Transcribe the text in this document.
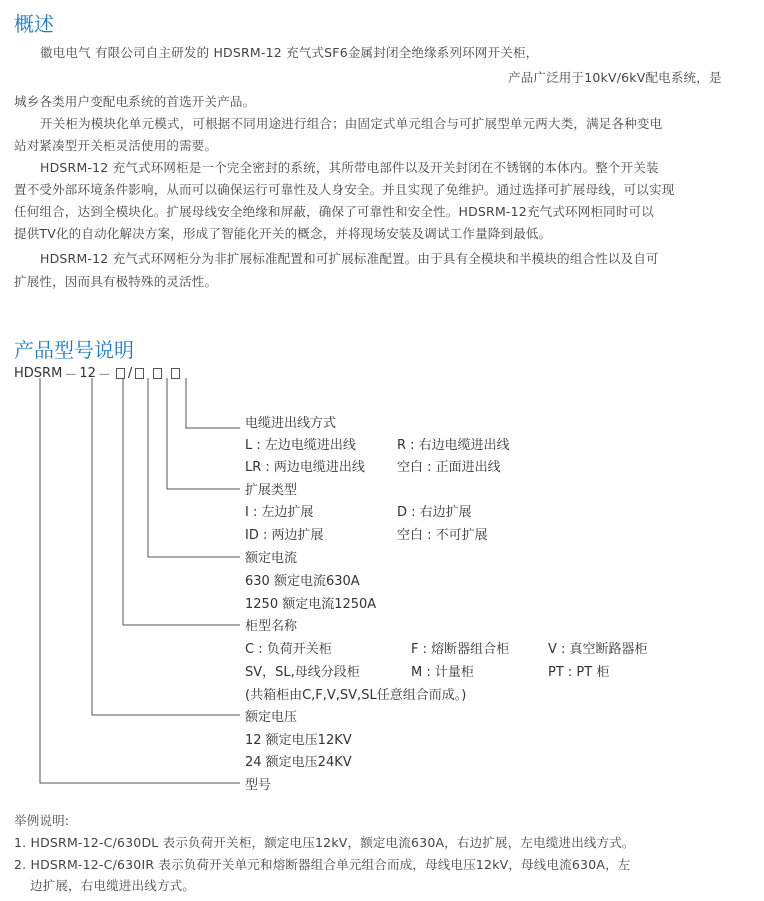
概述
徽电电气 有限公司自主研发的 HDSRM-12 充气式SF6金属封闭全绝缘系列环网开关柜，
产品广泛用于10kV/6kV配电系统，是
城乡各类用户变配电系统的首选开关产品。
开关柜为模块化单元模式，可根据不同用途进行组合；由固定式单元组合与可扩展型单元两大类，满足各种变电
站对紧凑型开关柜灵活使用的需要。
HDSRM-12 充气式环网柜是一个完全密封的系统，其所带电部件以及开关封闭在不锈钢的本体内。整个开关装
置不受外部环境条件影响，从而可以确保运行可靠性及人身安全。并且实现了免维护。通过选择可扩展母线，可以实现
任何组合，达到全模块化。扩展母线安全绝缘和屏蔽，确保了可靠性和安全性。HDSRM-12充气式环网柜同时可以
提供TV化的自动化解决方案，形成了智能化开关的概念，并将现场安装及调试工作量降到最低。
HDSRM-12 充气式环网柜分为非扩展标准配置和可扩展标准配置。由于具有全模块和半模块的组合性以及自可
扩展性，因而具有极特殊的灵活性。
产品型号说明
HDSRM － 12 － /
电缆进出线方式
L : 左边电缆进出线	R : 右边电缆进出线
LR : 两边电缆进出线 空白 : 正面进出线
扩展类型
I : 左边扩展	D : 右边扩展
ID : 两边扩展	空白 : 不可扩展
额定电流
630 额定电流630A
1250 额定电流1250A
柜型名称
C : 负荷开关柜	F : 熔断器组合柜	V : 真空断路器柜
SV，SL,母线分段柜	M : 计量柜	PT : PT 柜
(共箱柜由C,F,V,SV,SL任意组合而成。)
额定电压
12 额定电压12KV
24 额定电压24KV
型号
举例说明:
1. HDSRM-12-C/630DL 表示负荷开关柜，额定电压12kV，额定电流630A，右边扩展，左电缆进出线方式。
2. HDSRM-12-C/630IR 表示负荷开关单元和熔断器组合单元组合而成，母线电压12kV，母线电流630A，左
边扩展，右电缆进出线方式。
